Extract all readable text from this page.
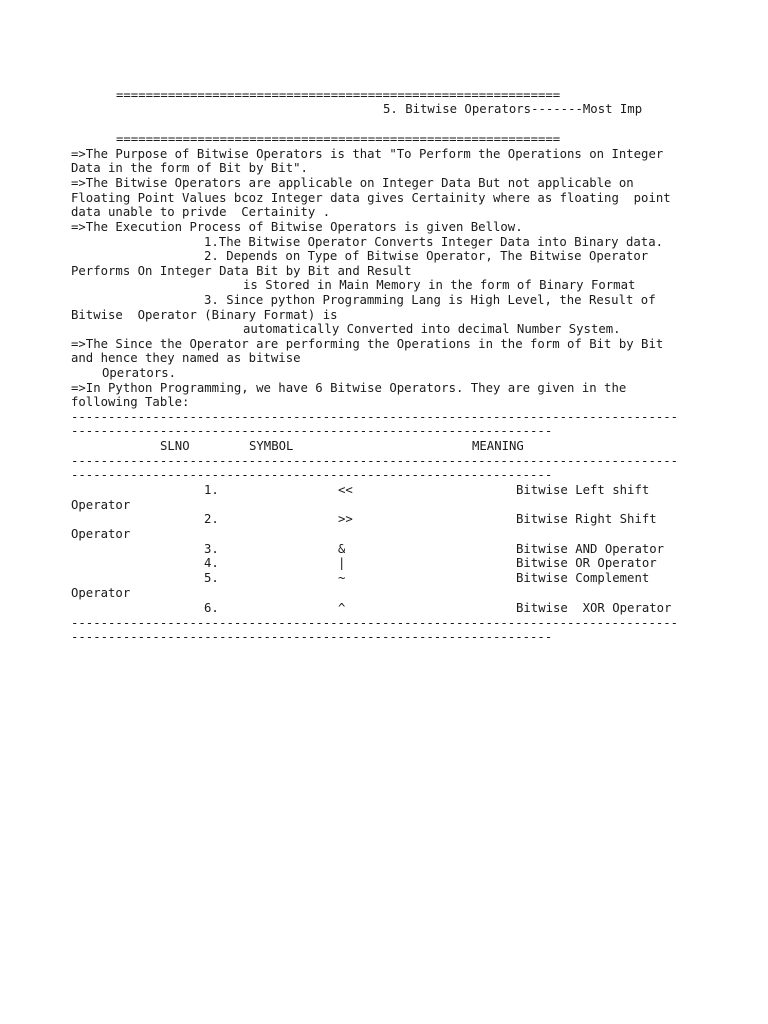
============================================================

5. Bitwise Operators-------Most Imp

============================================================

=>The Purpose of Bitwise Operators is that "To Perform the Operations on Integer

Data in the form of Bit by Bit".

=>The Bitwise Operators are applicable on Integer Data But not applicable on

Floating Point Values bcoz Integer data gives Certainity where as floating  point

data unable to privde  Certainity .

=>The Execution Process of Bitwise Operators is given Bellow.

1.The Bitwise Operator Converts Integer Data into Binary data.

2. Depends on Type of Bitwise Operator, The Bitwise Operator

Performs On Integer Data Bit by Bit and Result

is Stored in Main Memory in the form of Binary Format

3. Since python Programming Lang is High Level, the Result of

Bitwise  Operator (Binary Format) is

automatically Converted into decimal Number System.

=>The Since the Operator are performing the Operations in the form of Bit by Bit

and hence they named as bitwise

Operators.

=>In Python Programming, we have 6 Bitwise Operators. They are given in the

following Table:

----------------------------------------------------------------------------------

-----------------------------------------------------------------

SLNO	SYMBOL	MEANING

----------------------------------------------------------------------------------

-----------------------------------------------------------------

1.	<<	Bitwise Left shift

Operator

2.	>>	Bitwise Right Shift

Operator

3.	&	Bitwise AND Operator

4.	|	Bitwise OR Operator

5.	~	Bitwise Complement

Operator

6.	^	Bitwise  XOR Operator

----------------------------------------------------------------------------------

-----------------------------------------------------------------
